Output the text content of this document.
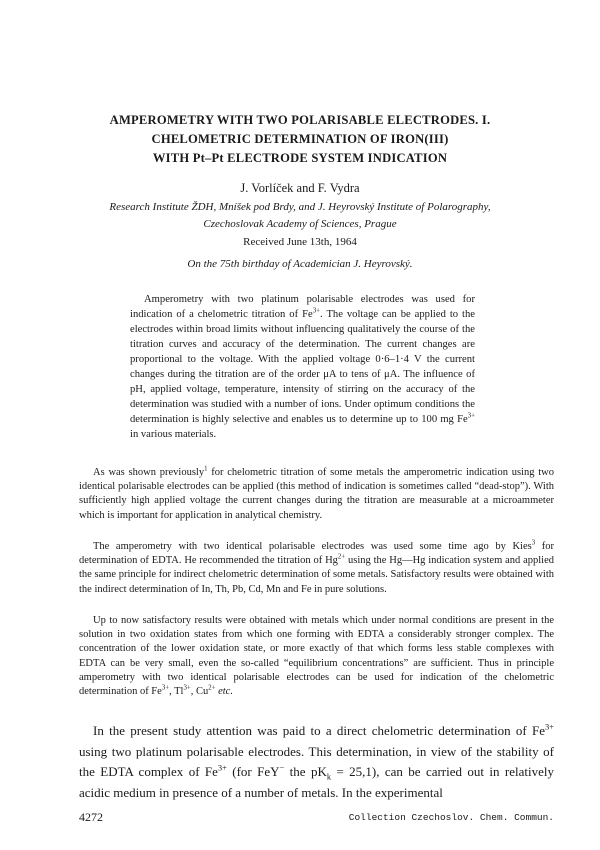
AMPEROMETRY WITH TWO POLARISABLE ELECTRODES. I.
CHELOMETRIC DETERMINATION OF IRON(III)
WITH Pt–Pt ELECTRODE SYSTEM INDICATION
J. Vorlíček and F. Vydra
Research Institute ŽDH, Mníšek pod Brdy, and J. Heyrovský Institute of Polarography,
Czechoslovak Academy of Sciences, Prague
Received June 13th, 1964
On the 75th birthday of Academician J. Heyrovský.

Amperometry with two platinum polarisable electrodes was used for indication of a chelometric titration of $Fe^{3+}$. The voltage can be applied to the electrodes within broad limits without influencing qualitatively the course of the titration curves and accuracy of the determination. The current changes are proportional to the voltage. With the applied voltage 0·6–1·4 V the current changes during the titration are of the order μA to tens of μA. The influence of pH, applied voltage, temperature, intensity of stirring on the accuracy of the determination was studied with a number of ions. Under optimum conditions the determination is highly selective and enables us to determine up to 100 mg $Fe^{3+}$ in various materials.

As was shown previously$^1$ for chelometric titration of some metals the amperometric indication using two identical polarisable electrodes can be applied (this method of indication is sometimes called “dead-stop”). With sufficiently high applied voltage the current changes during the titration are measurable at a microammeter which is important for application in analytical chemistry.

The amperometry with two identical polarisable electrodes was used some time ago by Kies$^3$ for determination of EDTA. He recommended the titration of $Hg^{2+}$ using the Hg—Hg indication system and applied the same principle for indirect chelometric determination of some metals. Satisfactory results were obtained with the indirect determination of In, Th, Pb, Cd, Mn and Fe in pure solutions.

Up to now satisfactory results were obtained with metals which under normal conditions are present in the solution in two oxidation states from which one forming with EDTA a considerably stronger complex. The concentration of the lower oxidation state, or more exactly of that which forms less stable complexes with EDTA can be very small, even the so-called “equilibrium concentrations” are sufficient. Thus in principle amperometry with two identical polarisable electrodes can be used for indication of the chelometric determination of $Fe^{3+}$, $Tl^{3+}$, $Cu^{2+}$ etc.

In the present study attention was paid to a direct chelometric determination of $Fe^{3+}$ using two platinum polarisable electrodes. This determination, in view of the stability of the EDTA complex of $Fe^{3+}$ (for FeY− the $pK_k = 25,1$), can be carried out in relatively acidic medium in presence of a number of metals. In the experimental

4272	Collection Czechoslov. Chem. Commun.
